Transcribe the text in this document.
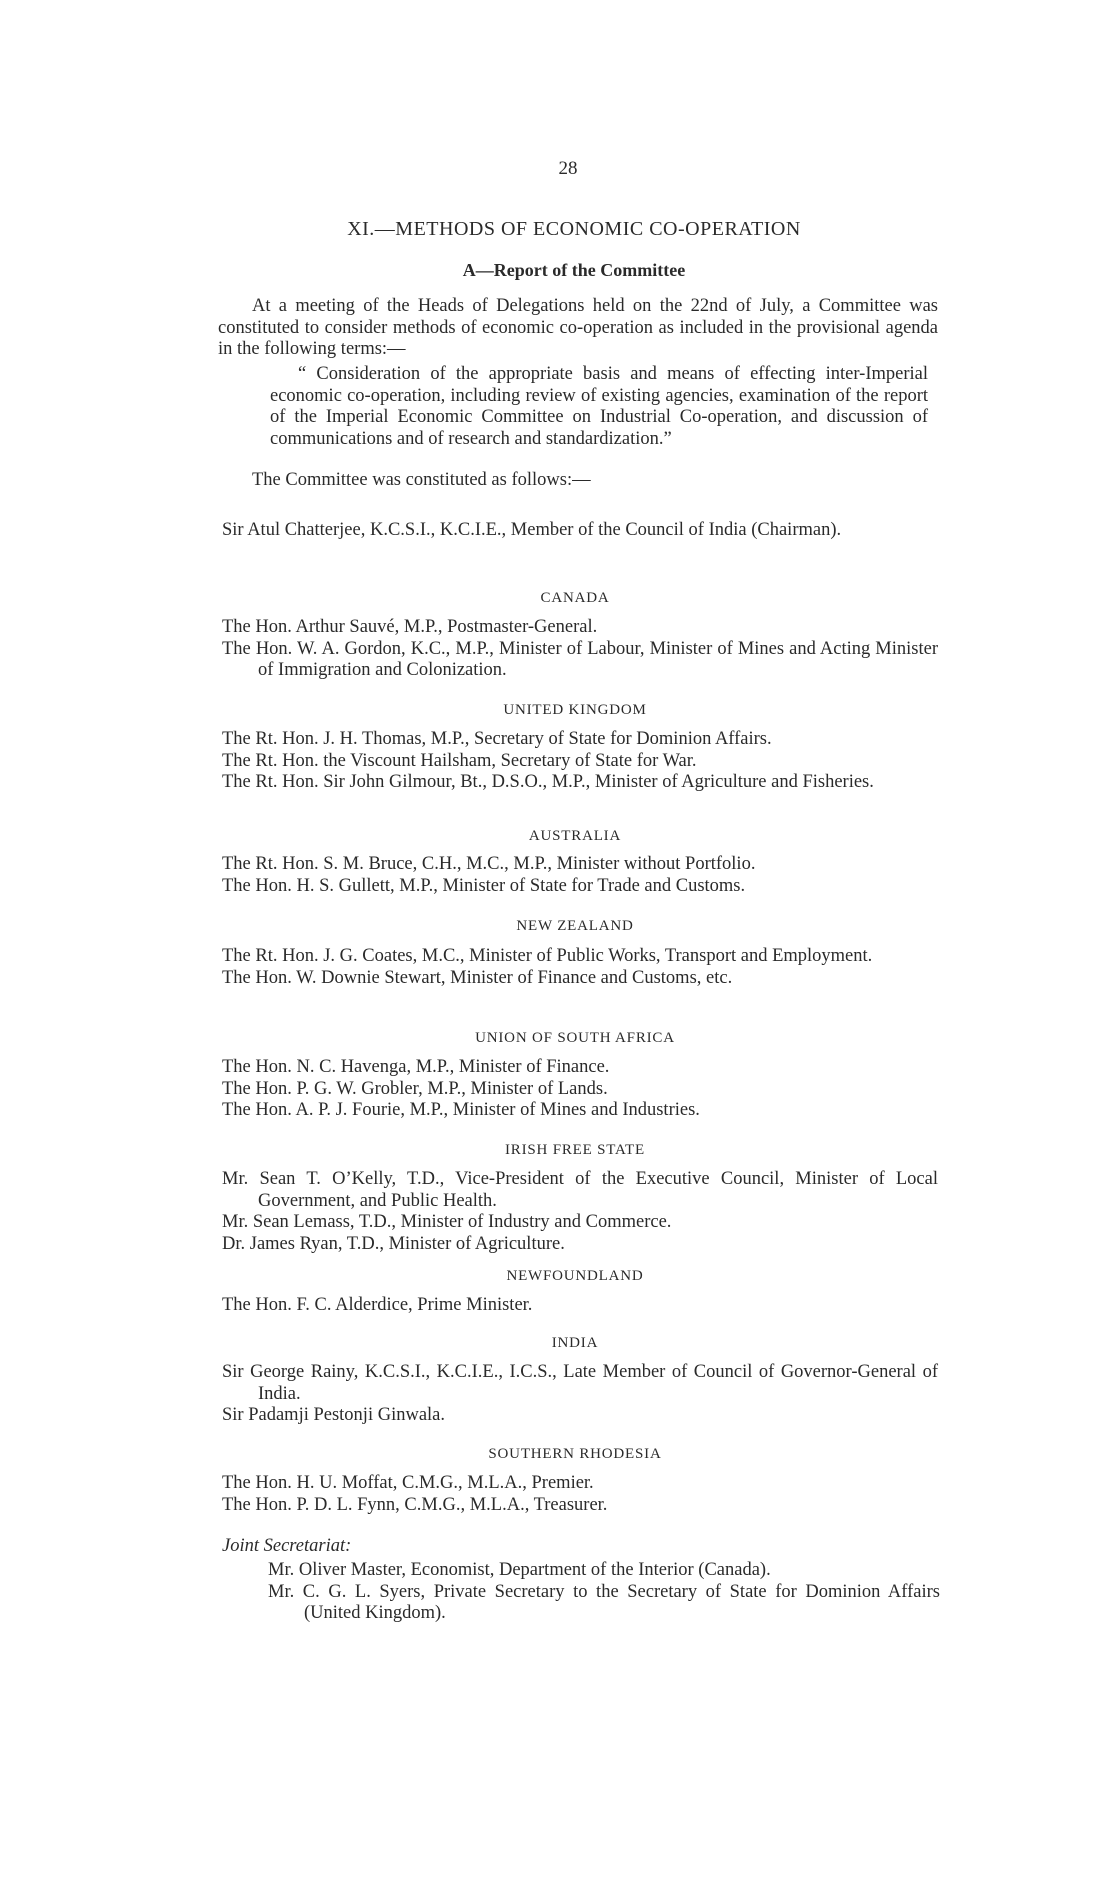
28
XI.—METHODS OF ECONOMIC CO-OPERATION
A—Report of the Committee

At a meeting of the Heads of Delegations held on the 22nd of July, a Committee was constituted to consider methods of economic co-operation as included in the provisional agenda in the following terms:—

“ Consideration of the appropriate basis and means of effecting inter-Imperial economic co-operation, including review of existing agencies, examination of the report of the Imperial Economic Committee on Industrial Co-operation, and discussion of communications and of research and standardization.”

The Committee was constituted as follows:—

Sir Atul Chatterjee, K.C.S.I., K.C.I.E., Member of the Council of India (Chairman).

CANADA

The Hon. Arthur Sauvé, M.P., Postmaster-General.

The Hon. W. A. Gordon, K.C., M.P., Minister of Labour, Minister of Mines and Acting Minister of Immigration and Colonization.

UNITED KINGDOM

The Rt. Hon. J. H. Thomas, M.P., Secretary of State for Dominion Affairs.

The Rt. Hon. the Viscount Hailsham, Secretary of State for War.

The Rt. Hon. Sir John Gilmour, Bt., D.S.O., M.P., Minister of Agriculture and Fisheries.

AUSTRALIA

The Rt. Hon. S. M. Bruce, C.H., M.C., M.P., Minister without Portfolio.

The Hon. H. S. Gullett, M.P., Minister of State for Trade and Customs.

NEW ZEALAND

The Rt. Hon. J. G. Coates, M.C., Minister of Public Works, Transport and Employment.

The Hon. W. Downie Stewart, Minister of Finance and Customs, etc.

UNION OF SOUTH AFRICA

The Hon. N. C. Havenga, M.P., Minister of Finance.

The Hon. P. G. W. Grobler, M.P., Minister of Lands.

The Hon. A. P. J. Fourie, M.P., Minister of Mines and Industries.

IRISH FREE STATE

Mr. Sean T. O’Kelly, T.D., Vice-President of the Executive Council, Minister of Local Government, and Public Health.

Mr. Sean Lemass, T.D., Minister of Industry and Commerce.

Dr. James Ryan, T.D., Minister of Agriculture.

NEWFOUNDLAND

The Hon. F. C. Alderdice, Prime Minister.

INDIA

Sir George Rainy, K.C.S.I., K.C.I.E., I.C.S., Late Member of Council of Governor-General of India.

Sir Padamji Pestonji Ginwala.

SOUTHERN RHODESIA

The Hon. H. U. Moffat, C.M.G., M.L.A., Premier.

The Hon. P. D. L. Fynn, C.M.G., M.L.A., Treasurer.

Joint Secretariat:

Mr. Oliver Master, Economist, Department of the Interior (Canada).

Mr. C. G. L. Syers, Private Secretary to the Secretary of State for Dominion Affairs (United Kingdom).
